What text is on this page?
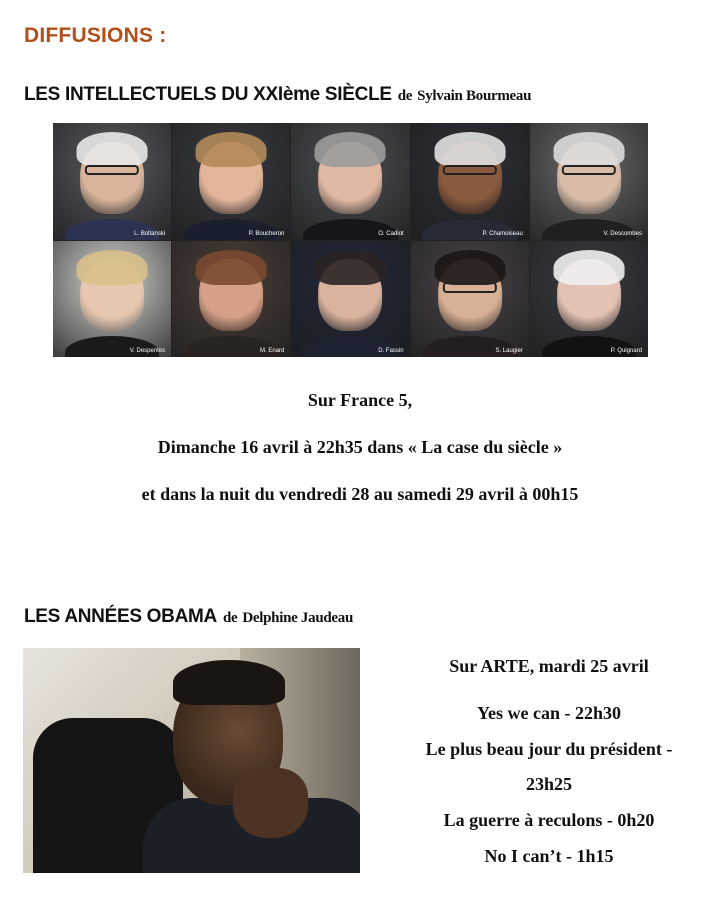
DIFFUSIONS :
LES INTELLECTUELS DU XXIème SIÈCLE de Sylvain Bourmeau
L. Boltanski	P. Boucheron	O. Cadiot	P. Chamoiseau	V. Descombes
V. Despentes	M. Enard	D. Fassin	S. Laugier	P. Quignard
Sur France 5,
Dimanche 16 avril à 22h35 dans « La case du siècle »
et dans la nuit du vendredi 28 au samedi 29 avril à 00h15
LES ANNÉES OBAMA de Delphine Jaudeau
Sur ARTE, mardi 25 avril
Yes we can - 22h30
Le plus beau jour du président -
23h25
La guerre à reculons - 0h20
No I can’t - 1h15
